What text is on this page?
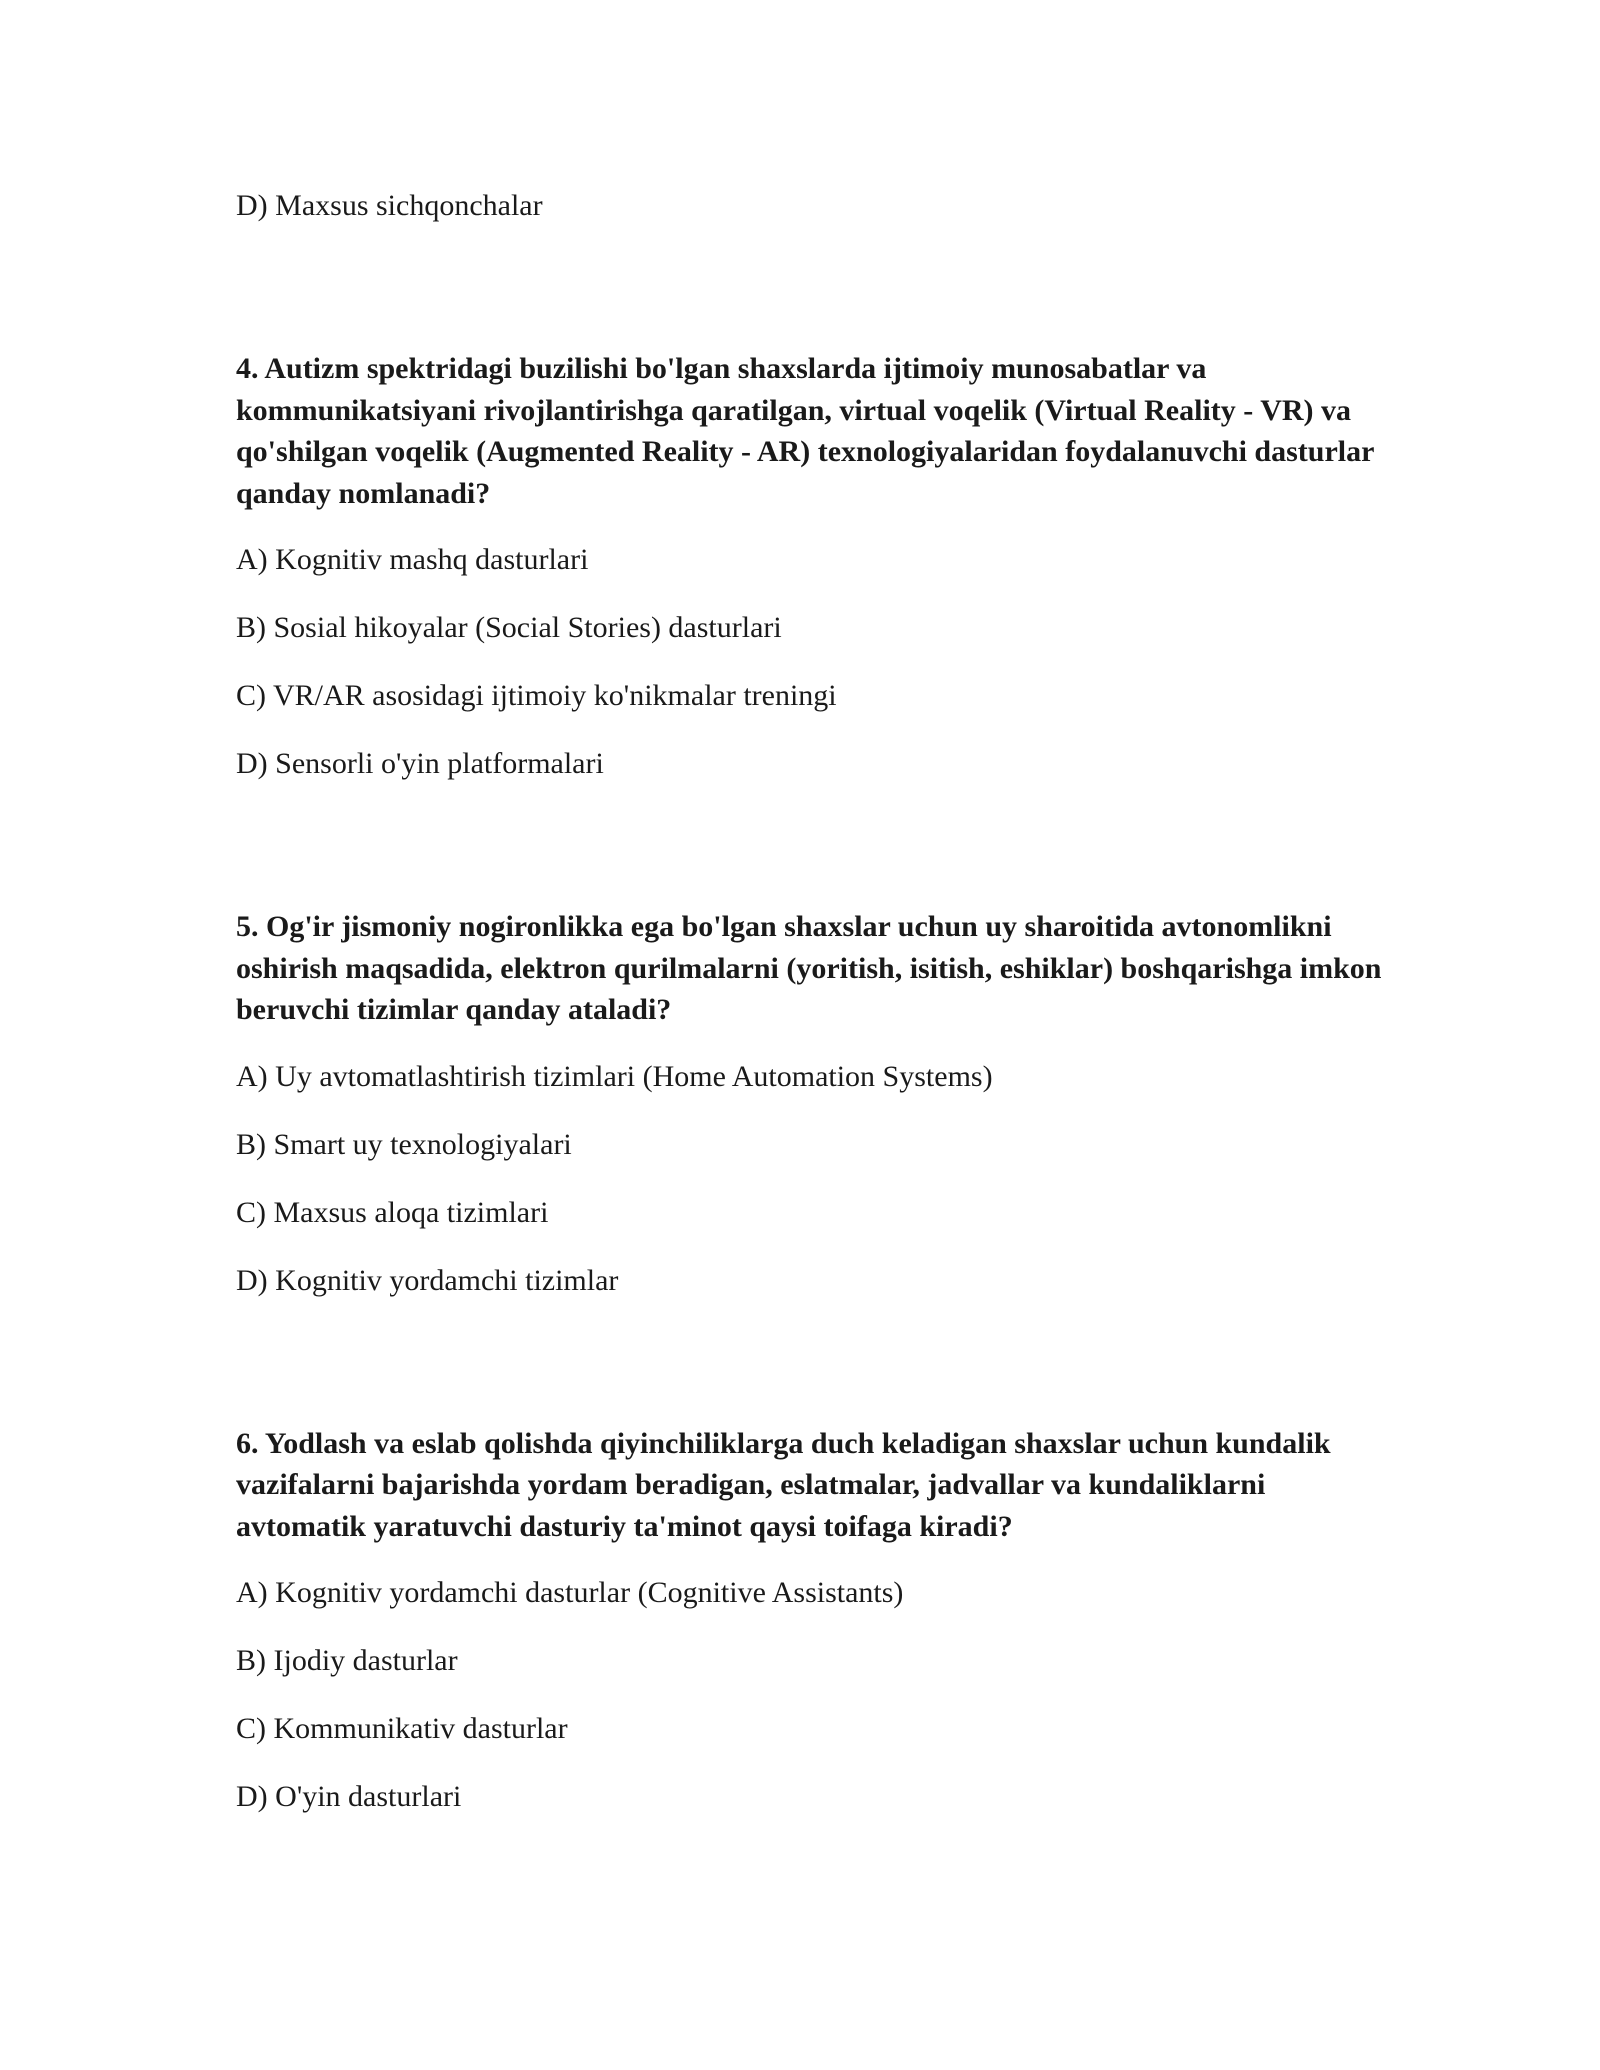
D) Maxsus sichqonchalar

4. Autizm spektridagi buzilishi bo'lgan shaxslarda ijtimoiy munosabatlar va kommunikatsiyani rivojlantirishga qaratilgan, virtual voqelik (Virtual Reality - VR) va qo'shilgan voqelik (Augmented Reality - AR) texnologiyalaridan foydalanuvchi dasturlar qanday nomlanadi?

A) Kognitiv mashq dasturlari

B) Sosial hikoyalar (Social Stories) dasturlari

C) VR/AR asosidagi ijtimoiy ko'nikmalar treningi

D) Sensorli o'yin platformalari

5. Og'ir jismoniy nogironlikka ega bo'lgan shaxslar uchun uy sharoitida avtonomlikni oshirish maqsadida, elektron qurilmalarni (yoritish, isitish, eshiklar) boshqarishga imkon beruvchi tizimlar qanday ataladi?

A) Uy avtomatlashtirish tizimlari (Home Automation Systems)

B) Smart uy texnologiyalari

C) Maxsus aloqa tizimlari

D) Kognitiv yordamchi tizimlar

6. Yodlash va eslab qolishda qiyinchiliklarga duch keladigan shaxslar uchun kundalik vazifalarni bajarishda yordam beradigan, eslatmalar, jadvallar va kundaliklarni avtomatik yaratuvchi dasturiy ta'minot qaysi toifaga kiradi?

A) Kognitiv yordamchi dasturlar (Cognitive Assistants)

B) Ijodiy dasturlar

C) Kommunikativ dasturlar

D) O'yin dasturlari
